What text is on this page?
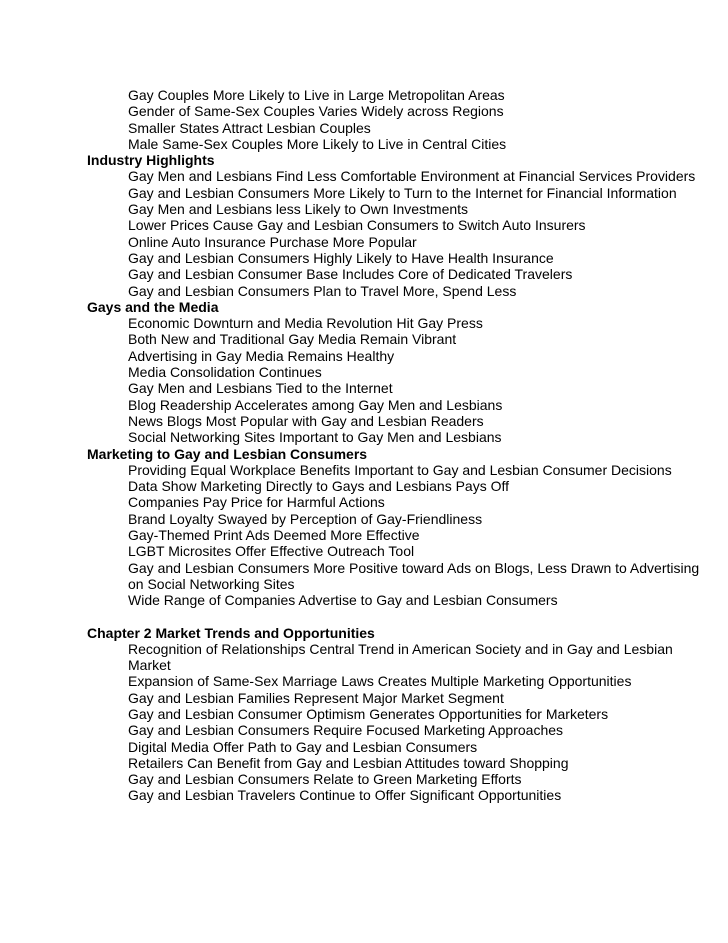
Gay Couples More Likely to Live in Large Metropolitan Areas
Gender of Same-Sex Couples Varies Widely across Regions
Smaller States Attract Lesbian Couples
Male Same-Sex Couples More Likely to Live in Central Cities
Industry Highlights
Gay Men and Lesbians Find Less Comfortable Environment at Financial Services Providers
Gay and Lesbian Consumers More Likely to Turn to the Internet for Financial Information
Gay Men and Lesbians less Likely to Own Investments
Lower Prices Cause Gay and Lesbian Consumers to Switch Auto Insurers
Online Auto Insurance Purchase More Popular
Gay and Lesbian Consumers Highly Likely to Have Health Insurance
Gay and Lesbian Consumer Base Includes Core of Dedicated Travelers
Gay and Lesbian Consumers Plan to Travel More, Spend Less
Gays and the Media
Economic Downturn and Media Revolution Hit Gay Press
Both New and Traditional Gay Media Remain Vibrant
Advertising in Gay Media Remains Healthy
Media Consolidation Continues
Gay Men and Lesbians Tied to the Internet
Blog Readership Accelerates among Gay Men and Lesbians
News Blogs Most Popular with Gay and Lesbian Readers
Social Networking Sites Important to Gay Men and Lesbians
Marketing to Gay and Lesbian Consumers
Providing Equal Workplace Benefits Important to Gay and Lesbian Consumer Decisions
Data Show Marketing Directly to Gays and Lesbians Pays Off
Companies Pay Price for Harmful Actions
Brand Loyalty Swayed by Perception of Gay-Friendliness
Gay-Themed Print Ads Deemed More Effective
LGBT Microsites Offer Effective Outreach Tool
Gay and Lesbian Consumers More Positive toward Ads on Blogs, Less Drawn to Advertising on Social Networking Sites
Wide Range of Companies Advertise to Gay and Lesbian Consumers
Chapter 2 Market Trends and Opportunities
Recognition of Relationships Central Trend in American Society and in Gay and Lesbian Market
Expansion of Same-Sex Marriage Laws Creates Multiple Marketing Opportunities
Gay and Lesbian Families Represent Major Market Segment
Gay and Lesbian Consumer Optimism Generates Opportunities for Marketers
Gay and Lesbian Consumers Require Focused Marketing Approaches
Digital Media Offer Path to Gay and Lesbian Consumers
Retailers Can Benefit from Gay and Lesbian Attitudes toward Shopping
Gay and Lesbian Consumers Relate to Green Marketing Efforts
Gay and Lesbian Travelers Continue to Offer Significant Opportunities
